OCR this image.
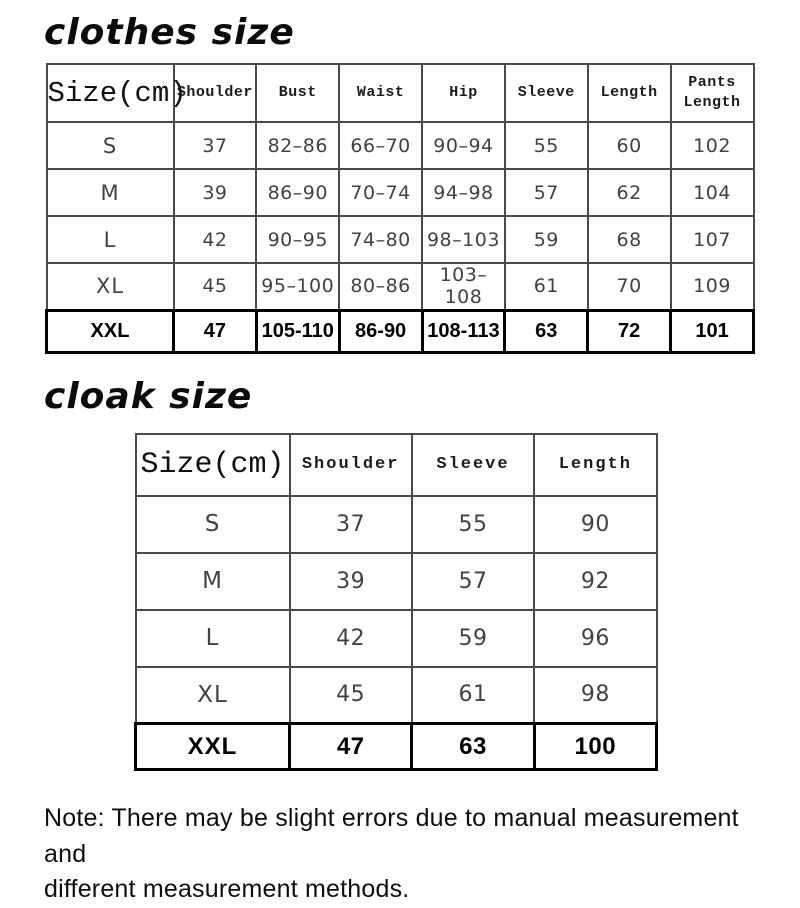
clothes size
Size(cm)	Shoulder	Bust	Waist	Hip	Sleeve	Length	Pants Length
S	37	82–86	66–70	90–94	55	60	102
M	39	86–90	70–74	94–98	57	62	104
L	42	90–95	74–80	98–103	59	68	107
XL	45	95–100	80–86	103–108	61	70	109
XXL	47	105-110	86-90	108-113	63	72	101
cloak size
Size(cm)	Shoulder	Sleeve	Length
S	37	55	90
M	39	57	92
L	42	59	96
XL	45	61	98
XXL	47	63	100
Note: There may be slight errors due to manual measurement and
different measurement methods.
